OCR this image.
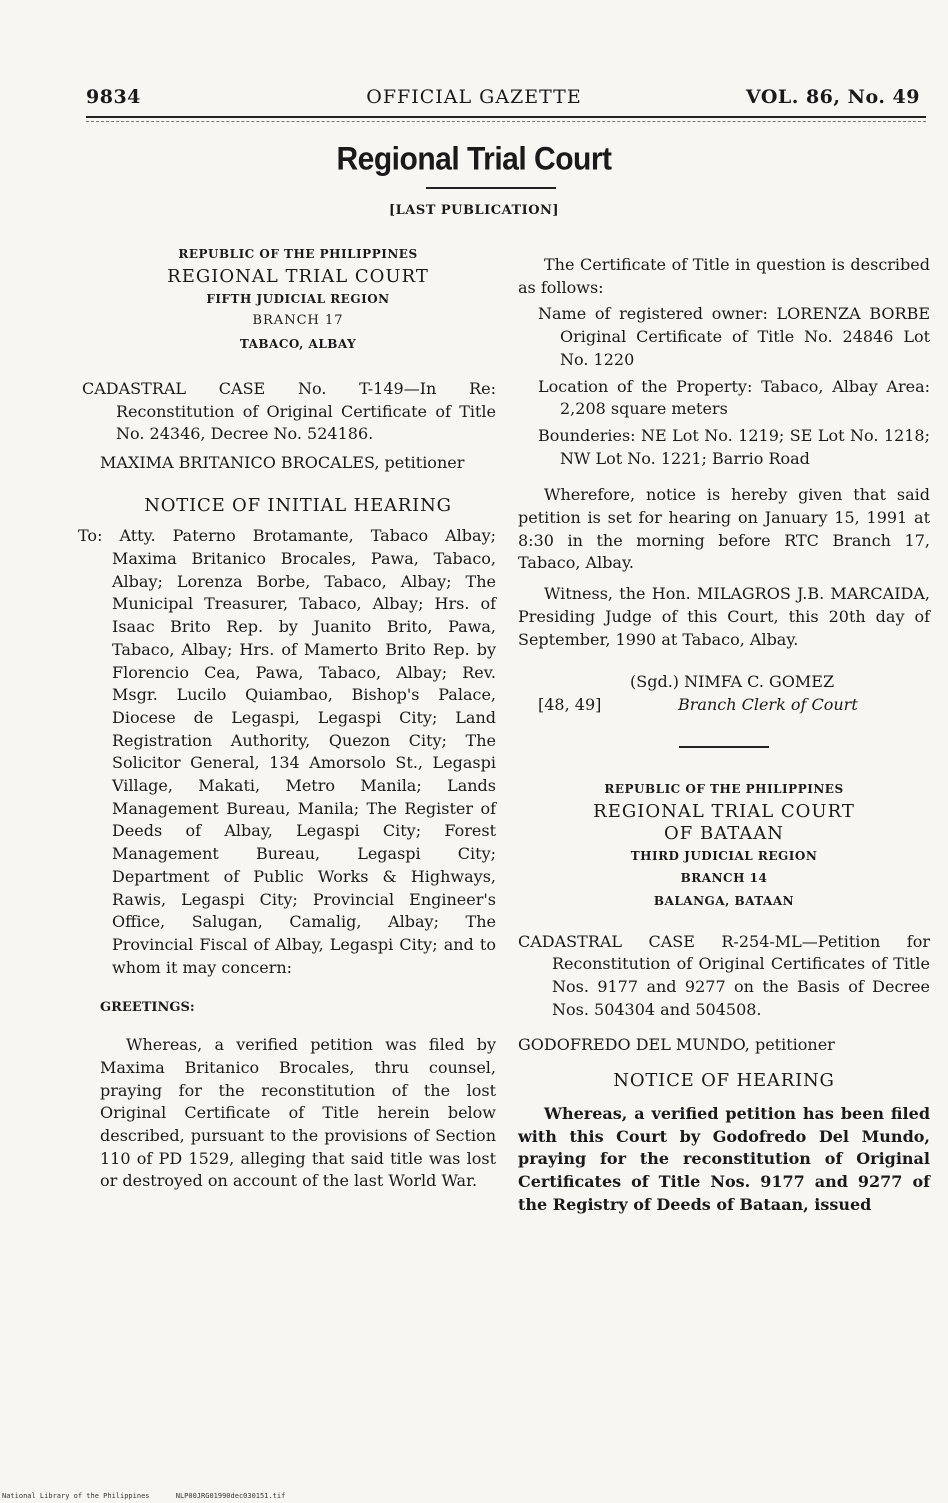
9834	OFFICIAL GAZETTE	VOL. 86, No. 49
Regional Trial Court
[LAST PUBLICATION]
REPUBLIC OF THE PHILIPPINES
REGIONAL TRIAL COURT
FIFTH JUDICIAL REGION
BRANCH 17
TABACO, ALBAY
CADASTRAL CASE No. T-149—In Re: Reconstitution of Original Certificate of Title No. 24346, Decree No. 524186.
MAXIMA BRITANICO BROCALES, petitioner
NOTICE OF INITIAL HEARING
To: Atty. Paterno Brotamante, Tabaco Albay; Maxima Britanico Brocales, Pawa, Tabaco, Albay; Lorenza Borbe, Tabaco, Albay; The Municipal Treasurer, Tabaco, Albay; Hrs. of Isaac Brito Rep. by Juanito Brito, Pawa, Tabaco, Albay; Hrs. of Mamerto Brito Rep. by Florencio Cea, Pawa, Tabaco, Albay; Rev. Msgr. Lucilo Quiambao, Bishop's Palace, Diocese de Legaspi, Legaspi City; Land Registration Authority, Quezon City; The Solicitor General, 134 Amorsolo St., Legaspi Village, Makati, Metro Manila; Lands Management Bureau, Manila; The Register of Deeds of Albay, Legaspi City; Forest Management Bureau, Legaspi City; Department of Public Works & Highways, Rawis, Legaspi City; Provincial Engineer's Office, Salugan, Camalig, Albay; The Provincial Fiscal of Albay, Legaspi City; and to whom it may concern:
GREETINGS:
Whereas, a verified petition was filed by Maxima Britanico Brocales, thru counsel, praying for the reconstitution of the lost Original Certificate of Title herein below described, pursuant to the provisions of Section 110 of PD 1529, alleging that said title was lost or destroyed on account of the last World War.
The Certificate of Title in question is described as follows:
Name of registered owner: LORENZA BORBE Original Certificate of Title No. 24846 Lot No. 1220
Location of the Property: Tabaco, Albay Area: 2,208 square meters
Bounderies: NE Lot No. 1219; SE Lot No. 1218; NW Lot No. 1221; Barrio Road
Wherefore, notice is hereby given that said petition is set for hearing on January 15, 1991 at 8:30 in the morning before RTC Branch 17, Tabaco, Albay.
Witness, the Hon. MILAGROS J.B. MARCAIDA, Presiding Judge of this Court, this 20th day of September, 1990 at Tabaco, Albay.
(Sgd.) NIMFA C. GOMEZ
[48, 49]	Branch Clerk of Court
REPUBLIC OF THE PHILIPPINES
REGIONAL TRIAL COURT
OF BATAAN
THIRD JUDICIAL REGION
BRANCH 14
BALANGA, BATAAN
CADASTRAL CASE R-254-ML—Petition for Reconstitution of Original Certificates of Title Nos. 9177 and 9277 on the Basis of Decree Nos. 504304 and 504508.
GODOFREDO DEL MUNDO, petitioner
NOTICE OF HEARING
Whereas, a verified petition has been filed with this Court by Godofredo Del Mundo, praying for the reconstitution of Original Certificates of Title Nos. 9177 and 9277 of the Registry of Deeds of Bataan, issued
National Library of the Philippines	NLP00JRG01990dec030151.tif
